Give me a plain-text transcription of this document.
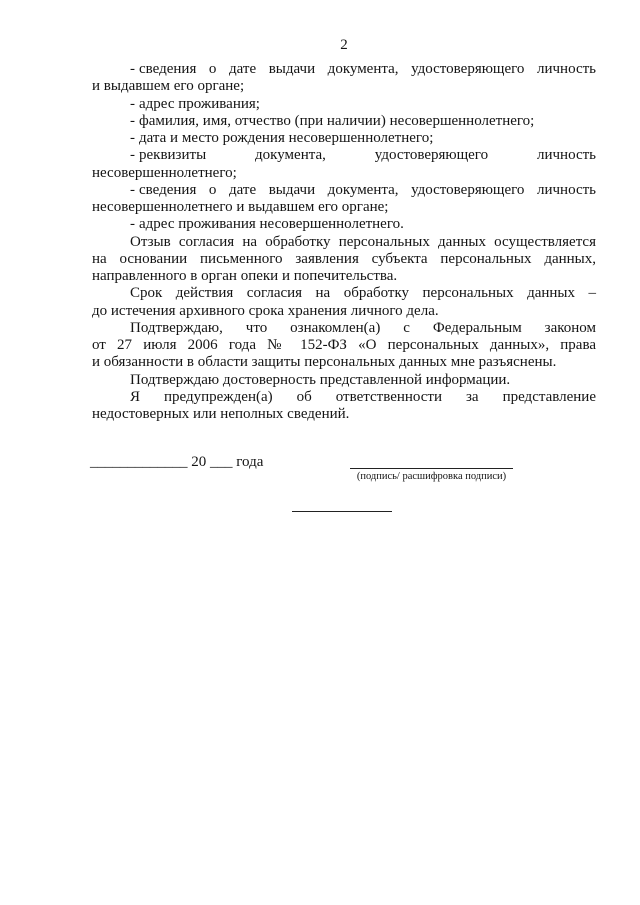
2
- сведения о дате выдачи документа, удостоверяющего личность
и выдавшем его органе;
- адрес проживания;
- фамилия, имя, отчество (при наличии) несовершеннолетнего;
- дата и место рождения несовершеннолетнего;
- реквизиты документа, удостоверяющего личность
несовершеннолетнего;
- сведения о дате выдачи документа, удостоверяющего личность
несовершеннолетнего и выдавшем его органе;
- адрес проживания несовершеннолетнего.
Отзыв согласия на обработку персональных данных осуществляется
на основании письменного заявления субъекта персональных данных,
направленного в орган опеки и попечительства.
Срок действия согласия на обработку персональных данных –
до истечения архивного срока хранения личного дела.
Подтверждаю, что ознакомлен(а) с Федеральным законом
от 27 июля 2006 года № 152-ФЗ «О персональных данных», права
и обязанности в области защиты персональных данных мне разъяснены.
Подтверждаю достоверность представленной информации.
Я предупрежден(а) об ответственности за представление
недостоверных или неполных сведений.
_____________ 20 ___ года
(подпись/ расшифровка подписи)
